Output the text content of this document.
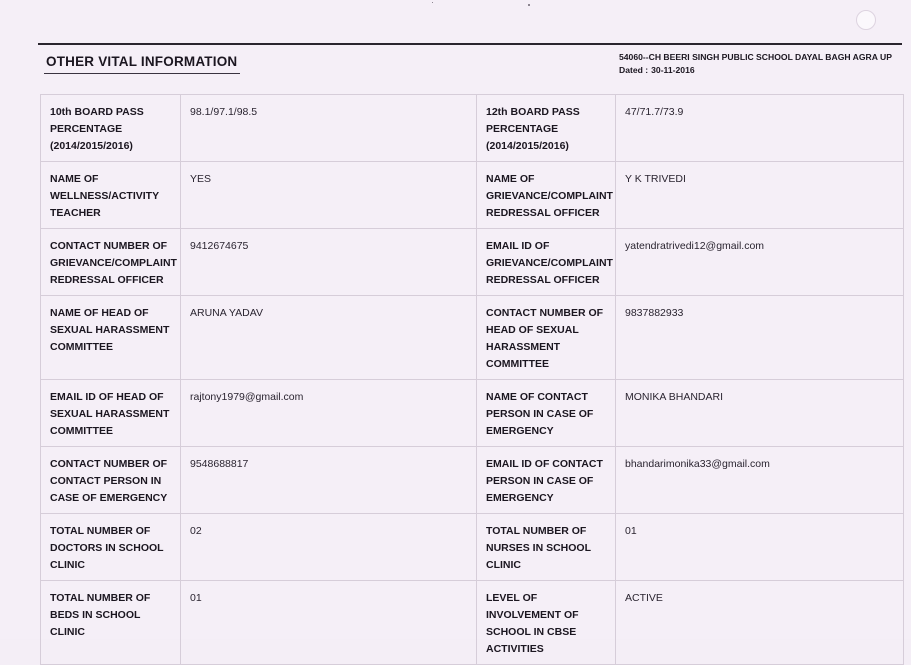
OTHER VITAL INFORMATION	54060--CH BEERI SINGH PUBLIC SCHOOL DAYAL BAGH AGRA UP
Dated : 30-11-2016
10th BOARD PASS PERCENTAGE (2014/2015/2016)	98.1/97.1/98.5	12th BOARD PASS PERCENTAGE (2014/2015/2016)	47/71.7/73.9
NAME OF WELLNESS/ACTIVITY TEACHER	YES	NAME OF GRIEVANCE/COMPLAINT REDRESSAL OFFICER	Y K TRIVEDI
CONTACT NUMBER OF GRIEVANCE/COMPLAINT REDRESSAL OFFICER	9412674675	EMAIL ID OF GRIEVANCE/COMPLAINT REDRESSAL OFFICER	yatendratrivedi12@gmail.com
NAME OF HEAD OF SEXUAL HARASSMENT COMMITTEE	ARUNA YADAV	CONTACT NUMBER OF HEAD OF SEXUAL HARASSMENT COMMITTEE	9837882933
EMAIL ID OF HEAD OF SEXUAL HARASSMENT COMMITTEE	rajtony1979@gmail.com	NAME OF CONTACT PERSON IN CASE OF EMERGENCY	MONIKA BHANDARI
CONTACT NUMBER OF CONTACT PERSON IN CASE OF EMERGENCY	9548688817	EMAIL ID OF CONTACT PERSON IN CASE OF EMERGENCY	bhandarimonika33@gmail.com
TOTAL NUMBER OF DOCTORS IN SCHOOL CLINIC	02	TOTAL NUMBER OF NURSES IN SCHOOL CLINIC	01
TOTAL NUMBER OF BEDS IN SCHOOL CLINIC	01	LEVEL OF INVOLVEMENT OF SCHOOL IN CBSE ACTIVITIES	ACTIVE
